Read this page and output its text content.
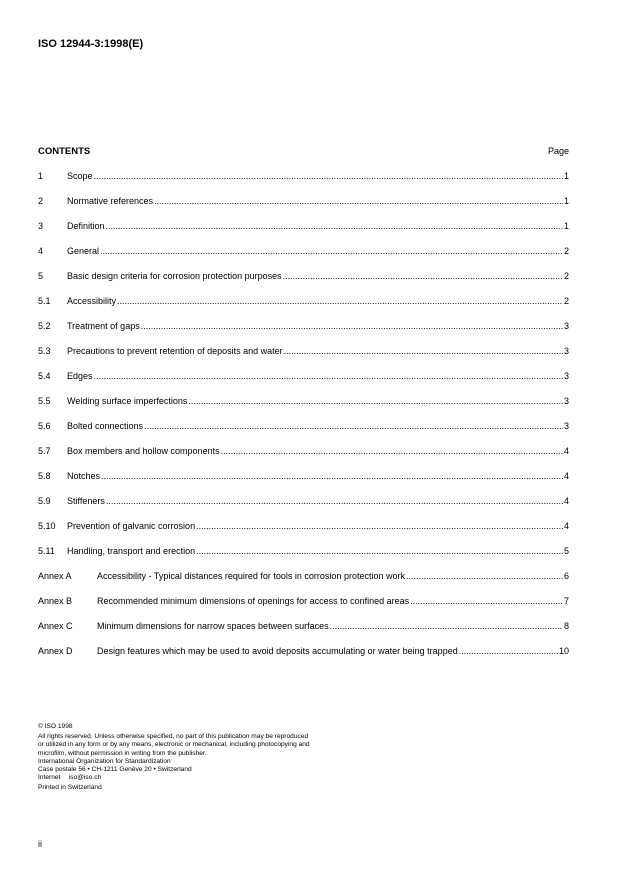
ISO 12944-3:1998(E)
CONTENTS	Page
1	Scope .....	1
2	Normative references .....	1
3	Definition .....	1
4	General .....	2
5	Basic design criteria for corrosion protection purposes .....	2
5.1	Accessibility .....	2
5.2	Treatment of gaps .....	3
5.3	Precautions to prevent retention of deposits and water .....	3
5.4	Edges .....	3
5.5	Welding surface imperfections .....	3
5.6	Bolted connections .....	3
5.7	Box members and hollow components .....	4
5.8	Notches .....	4
5.9	Stiffeners .....	4
5.10	Prevention of galvanic corrosion .....	4
5.11	Handling, transport and erection .....	5
Annex A	Accessibility - Typical distances required for tools in corrosion protection work .....	6
Annex B	Recommended minimum dimensions of openings for access to confined areas .....	7
Annex C	Minimum dimensions for narrow spaces between surfaces .....	8
Annex D	Design features which may be used to avoid deposits accumulating or water being trapped .....	10
© ISO 1998
All rights reserved. Unless otherwise specified, no part of this publication may be reproduced
or utilized in any form or by any means, electronic or mechanical, including photocopying and
microfilm, without permission in writing from the publisher.
International Organization for Standardization
Case postale 56 • CH-1211 Genève 20 • Switzerland
Internet iso@iso.ch
Printed in Switzerland
ii
